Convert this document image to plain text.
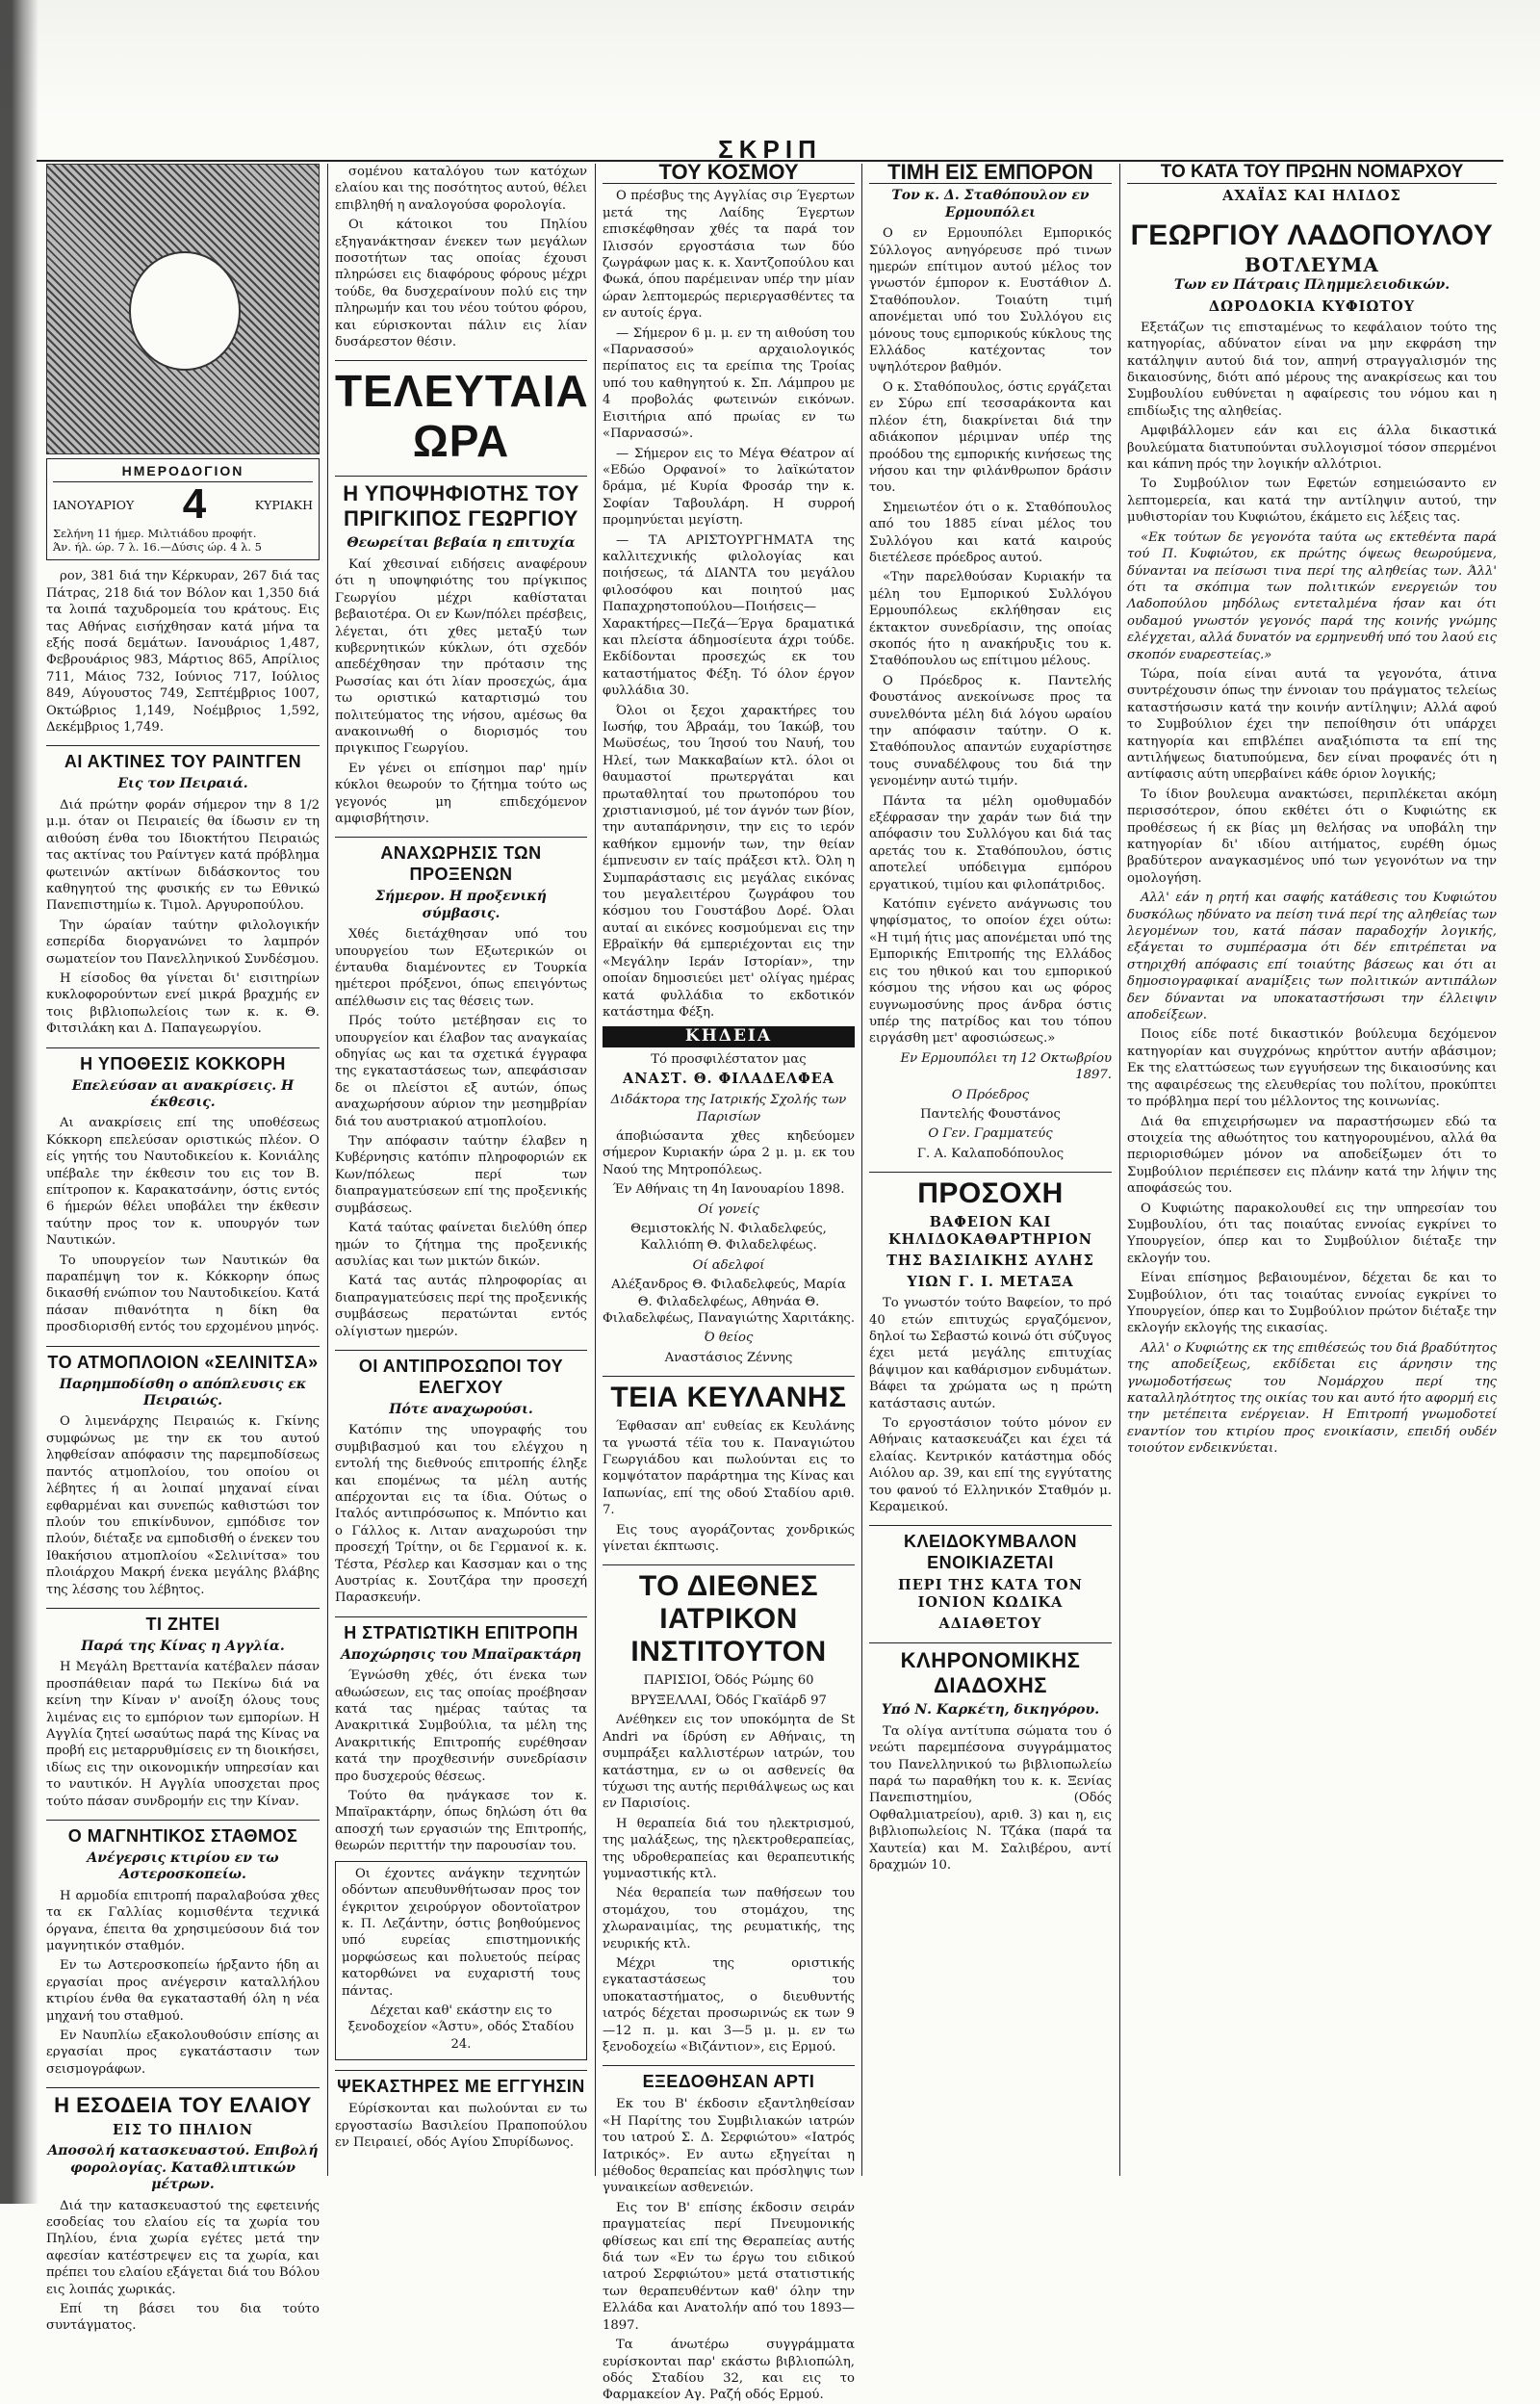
ΣΚΡΙΠ
ΗΜΕΡΟΔΟΓΙΟΝ
ΙΑΝΟΥΑΡΙΟΥ 4	ΚΥΡΙΑΚΗ
Σελήνη 11 ήμερ. Μιλτιάδου προφήτ.
Άν. ήλ. ώρ. 7 λ. 16.—Δύσις ώρ. 4 λ. 5

ρον, 381 διά την Κέρκυραν, 267 διά τας Πάτρας, 218 διά τον Βόλον και 1,350 διά τα λοιπά ταχυδρομεία του κράτους. Εις τας Αθήνας εισήχθησαν κατά μήνα τα εξής ποσά δεμάτων. Ιανουάριος 1,487, Φεβρουάριος 983, Μάρτιος 865, Απρίλιος 711, Μάιος 732, Ιούνιος 717, Ιούλιος 849, Αύγουστος 749, Σεπτέμβριος 1007, Οκτώβριος 1,149, Νοέμβριος 1,592, Δεκέμβριος 1,749.

ΑΙ ΑΚΤΙΝΕΣ ΤΟΥ ΡΑΙΝΤΓΕΝ
Εις τον Πειραιά.

Διά πρώτην φοράν σήμερον την 8 1/2 μ.μ. όταν οι Πειραιείς θα ίδωσιν εν τη αιθούση ένθα του Ιδιοκτήτου Πειραιώς τας ακτίνας του Ραίντγεν κατά πρόβλημα φωτεινών ακτίνων διδάσκοντος του καθηγητού της φυσικής εν τω Εθνικώ Πανεπιστημίω κ. Τιμολ. Αργυροπούλου.

Την ώραίαν ταύτην φιλολογικήν εσπερίδα διοργανώνει το λαμπρόν σωματείον του Πανελληνικού Συνδέσμου.

Η είσοδος θα γίνεται δι' εισιτηρίων κυκλοφορούντων ενεί μικρά βραχμής εν τοις βιβλιοπωλείοις των κ. κ. Θ. Φιτσιλάκη και Δ. Παπαγεωργίου.

Η ΥΠΟΘΕΣΙΣ ΚΟΚΚΟΡΗ
Επελεύσαν αι ανακρίσεις. Η έκθεσις.

Αι ανακρίσεις επί της υποθέσεως Κόκκορη επελεύσαν οριστικώς πλέον. Ο είς γητής του Ναυτοδικείου κ. Κονιάλης υπέβαλε την έκθεσιν του εις τον Β. επίτροπον κ. Καρακατσάνην, όστις εντός 6 ήμερών θέλει υποβάλει την έκθεσιν ταύτην προς τον κ. υπουργόν των Ναυτικών.

Το υπουργείον των Ναυτικών θα παραπέμψη τον κ. Κόκκορην όπως δικασθή ενώπιον του Ναυτοδικείου. Κατά πάσαν πιθανότητα η δίκη θα προσδιορισθή εντός του ερχομένου μηνός.

ΤΟ ΑΤΜΟΠΛΟΙΟΝ «ΣΕΛΙΝΙΤΣΑ»
Παρημποδίσθη ο απόπλευσις εκ Πειραιώς.

Ο λιμενάρχης Πειραιώς κ. Γκίνης συμφώνως με την εκ του αυτού ληφθείσαν απόφασιν της παρεμποδίσεως παντός ατμοπλοίου, του οποίου οι λέβητες ή αι λοιπαί μηχαναί είναι εφθαρμέναι και συνεπώς καθιστώσι τον πλούν του επικίνδυνον, εμπόδισε τον πλούν, διέταξε να εμποδισθή ο ένεκεν του Ιθακήσιου ατμοπλοίου «Σελινίτσα» του πλοιάρχου Μακρή ένεκα μεγάλης βλάβης της λέσσης του λέβητος.

ΤΙ ΖΗΤΕΙ
Παρά της Κίνας η Αγγλία.

Η Μεγάλη Βρεττανία κατέβαλεν πάσαν προσπάθειαν παρά τω Πεκίνω διά να κείνη την Κίναν ν' ανοίξη όλους τους λιμένας εις το εμπόριον των εμπορίων. Η Αγγλία ζητεί ωσαύτως παρά της Κίνας να προβή εις μεταρρυθμίσεις εν τη διοικήσει, ιδίως εις την οικονομικήν υπηρεσίαν και το ναυτικόν. Η Αγγλία υποσχεται προς τούτο πάσαν συνδρομήν εις την Κίναν.

Ο ΜΑΓΝΗΤΙΚΟΣ ΣΤΑΘΜΟΣ
Ανέγερσις κτιρίου εν τω Αστεροσκοπείω.

Η αρμοδία επιτροπή παραλαβούσα χθες τα εκ Γαλλίας κομισθέντα τεχνικά όργανα, έπειτα θα χρησιμεύσουν διά τον μαγνητικόν σταθμόν.

Εν τω Αστεροσκοπείω ήρξαντο ήδη αι εργασίαι προς ανέγερσιν καταλλήλου κτιρίου ένθα θα εγκατασταθή όλη η νέα μηχανή του σταθμού.

Εν Ναυπλίω εξακολουθούσιν επίσης αι εργασίαι προς εγκατάστασιν των σεισμογράφων.

Η ΕΣΟΔΕΙΑ ΤΟΥ ΕΛΑΙΟΥ
ΕΙΣ ΤΟ ΠΗΛΙΟΝ
Αποσολή κατασκευαστού. Επιβολή φορολογίας. Καταθλιπτικών μέτρων.

Διά την κατασκευαστού της εφετεινής εσοδείας του ελαίου είς τα χωρία του Πηλίου, ένια χωρία εγέτες μετά την αφεσίαν κατέστρεψεν εις τα χωρία, και πρέπει του ελαίου εξάγεται διά του Βόλου εις λοιπάς χωρικάς.

Επί τη βάσει του δια τούτο συντάγματος.

σομένου καταλόγου των κατόχων ελαίου και της ποσότητος αυτού, θέλει επιβληθή η αναλογούσα φορολογία.

Οι κάτοικοι του Πηλίου εξηγανάκτησαν ένεκεν των μεγάλων ποσοτήτων τας οποίας έχουσι πληρώσει εις διαφόρους φόρους μέχρι τούδε, θα δυσχεραίνουν πολύ εις την πληρωμήν και του νέου τούτου φόρου, και εύρισκονται πάλιν εις λίαν δυσάρεστον θέσιν.

ΤΕΛΕΥΤΑΙΑ ΩΡΑ
Η ΥΠΟΨΗΦΙΟΤΗΣ ΤΟΥ ΠΡΙΓΚΙΠΟΣ ΓΕΩΡΓΙΟΥ
Θεωρείται βεβαία η επιτυχία

Καί χθεσιναί ειδήσεις αναφέρουν ότι η υποψηφιότης του πρίγκιπος Γεωργίου μέχρι καθίσταται βεβαιοτέρα. Οι εν Κων/πόλει πρέσβεις, λέγεται, ότι χθες μεταξύ των κυβερνητικών κύκλων, ότι σχεδόν απεδέχθησαν την πρότασιν της Ρωσσίας και ότι λίαν προσεχώς, άμα τω οριστικώ καταρτισμώ του πολιτεύματος της νήσου, αμέσως θα ανακοινωθή ο διορισμός του πριγκιπος Γεωργίου.

Εν γένει οι επίσημοι παρ' ημίν κύκλοι θεωρούν το ζήτημα τούτο ως γεγονός μη επιδεχόμενον αμφισβήτησιν.

ΑΝΑΧΩΡΗΣΙΣ ΤΩΝ ΠΡΟΞΕΝΩΝ
Σήμερον. Η προξενική σύμβασις.

Χθές διετάχθησαν υπό του υπουργείου των Εξωτερικών οι ένταυθα διαμένοντες εν Τουρκία ημέτεροι πρόξενοι, όπως επειγόντως απέλθωσιν εις τας θέσεις των.

Πρός τούτο μετέβησαν εις το υπουργείον και έλαβον τας αναγκαίας οδηγίας ως και τα σχετικά έγγραφα της εγκαταστάσεως των, απεφάσισαν δε οι πλείστοι εξ αυτών, όπως αναχωρήσουν αύριον την μεσημβρίαν διά του αυστριακού ατμοπλοίου.

Την απόφασιν ταύτην έλαβεν η Κυβέρνησις κατόπιν πληροφοριών εκ Κων/πόλεως περί των διαπραγματεύσεων επί της προξενικής συμβάσεως.

Κατά ταύτας φαίνεται διελύθη όπερ ημών το ζήτημα της προξενικής ασυλίας και των μικτών δικών.

Κατά τας αυτάς πληροφορίας αι διαπραγματεύσεις περί της προξενικής συμβάσεως περατώνται εντός ολίγιστων ημερών.

ΟΙ ΑΝΤΙΠΡΟΣΩΠΟΙ ΤΟΥ ΕΛΕΓΧΟΥ
Πότε αναχωρούσι.

Κατόπιν της υπογραφής του συμβιβασμού και του ελέγχου η εντολή της διεθνούς επιτροπής έληξε και επομένως τα μέλη αυτής απέρχονται εις τα ίδια. Ούτως ο Ιταλός αντιπρόσωπος κ. Μπόντιο και ο Γάλλος κ. Λιταν αναχωρούσι την προσεχή Τρίτην, οι δε Γερμανοί κ. κ. Τέστα, Ρέσλερ και Κασσμαν και ο της Αυστρίας κ. Σουτζάρα την προσεχή Παρασκευήν.

Η ΣΤΡΑΤΙΩΤΙΚΗ ΕΠΙΤΡΟΠΗ
Αποχώρησις του Μπαϊρακτάρη

Έγνώσθη χθές, ότι ένεκα των αθωώσεων, εις τας οποίας προέβησαν κατά τας ημέρας ταύτας τα Ανακριτικά Συμβούλια, τα μέλη της Ανακριτικής Επιτροπής ευρέθησαν κατά την προχθεσινήν συνεδρίασιν προ δυσχερούς θέσεως.

Τούτο θα ηνάγκασε τον κ. Μπαϊρακτάρην, όπως δηλώση ότι θα αποσχή των εργασιών της Επιτροπής, θεωρών περιττήν την παρουσίαν του.

Οι έχοντες ανάγκην τεχνητών οδόντων απευθυνθήτωσαν προς τον έγκριτον χειρούργον οδοντοϊατρον κ. Π. Λεζάντην, όστις βοηθούμενος υπό ευρείας επιστημονικής μορφώσεως και πολυετούς πείρας κατορθώνει να ευχαριστή τους πάντας.

Δέχεται καθ' εκάστην εις το ξενοδοχείον «Άστυ», οδός Σταδίου 24.

ΨΕΚΑΣΤΗΡΕΣ ΜΕ ΕΓΓΥΗΣΙΝ

Εύρίσκονται και πωλούνται εν τω εργοστασίω Βασιλείου Πραποπούλου εν Πειραιεί, οδός Αγίου Σπυρίδωνος.

ΤΟΥ ΚΟΣΜΟΥ

Ο πρέσβυς της Αγγλίας σιρ Έγερτων μετά της Λαίδης Έγερτων επισκέφθησαν χθές τα παρά τον Ιλισσόν εργοστάσια των δύο ζωγράφων μας κ. κ. Χαντζοπούλου και Φωκά, όπου παρέμειναν υπέρ την μίαν ώραν λεπτομερώς περιεργασθέντες τα εν αυτοίς έργα.

— Σήμερον 6 μ. μ. εν τη αιθούση του «Παρνασσού» αρχαιολογικός περίπατος εις τα ερείπια της Τροίας υπό του καθηγητού κ. Σπ. Λάμπρου με 4 προβολάς φωτεινών εικόνων. Εισιτήρια από πρωίας εν τω «Παρνασσώ».

— Σήμερον εις το Μέγα Θέατρον αί «Εδώο Ορφανοί» το λαϊκώτατον δράμα, μέ Κυρία Φροσάρ την κ. Σοφίαν Ταβουλάρη. Η συρροή προμηνύεται μεγίστη.

— ΤΑ ΑΡΙΣΤΟΥΡΓΗΜΑΤΑ της καλλιτεχνικής φιλολογίας και ποιήσεως, τά ΔΙΑΝΤΑ του μεγάλου φιλοσόφου και ποιητού μας Παπαχρηστοπούλου—Ποιήσεις—Χαρακτήρες—Πεζά—Έργα δραματικά και πλείστα άδημοσίευτα άχρι τούδε. Εκδίδονται προσεχώς εκ του καταστήματος Φέξη. Τό όλον έργον φυλλάδια 30.

Όλοι οι ξεχοι χαρακτήρες του Ιωσήφ, του Άβραάμ, του Ίακώβ, του Μωϋσέως, του Ίησού του Ναυή, του Ηλεί, των Μακκαβαίων κτλ. όλοι οι θαυμαστοί πρωτεργάται και πρωταθληταί του πρωτοπόρου του χριστιανισμού, μέ τον άγνόν των βίον, την αυταπάρνησιν, την εις το ιερόν καθήκον εμμονήν των, την θείαν έμπνευσιν εν ταίς πράξεσι κτλ. Όλη η Συμπαράστασις εις μεγάλας εικόνας του μεγαλειτέρου ζωγράφου του κόσμου του Γουστάβου Δορέ. Όλαι αυταί αι εικόνες κοσμούμεναι εις την Εβραϊκήν θά εμπεριέχονται εις την «Μεγάλην Ιεράν Ιστορίαν», την οποίαν δημοσιεύει μετ' ολίγας ημέρας κατά φυλλάδια το εκδοτικόν κατάστημα Φέξη.

ΚΗΔΕΙΑ

Τό προσφιλέστατον μας

ΑΝΑΣΤ. Θ. ΦΙΛΑΔΕΛΦΕΑ

Διδάκτορα της Ιατρικής Σχολής των Παρισίων

άποβιώσαντα χθες κηδεύομεν σήμερον Κυριακήν ώρα 2 μ. μ. εκ του Ναού της Μητροπόλεως.

Έν Αθήναις τη 4η Ιανουαρίου 1898.

Οί γονείς

Θεμιστοκλής Ν. Φιλαδελφεύς, Καλλιόπη Θ. Φιλαδελφέως.

Οί αδελφοί

Αλέξανδρος Θ. Φιλαδελφεύς, Μαρία Θ. Φιλαδελφέως, Αθηνάα Θ. Φιλαδελφέως, Παναγιώτης Χαριτάκης.

Ό θείος

Αναστάσιος Ζέννης

ΤΕΙΑ ΚΕΥΛΑΝΗΣ

Έφθασαν απ' ευθείας εκ Κευλάνης τα γνωστά τέϊα του κ. Παναγιώτου Γεωργιάδου και πωλούνται εις το κομψότατον παράρτημα της Κίνας και Ιαπωνίας, επί της οδού Σταδίου αριθ. 7.

Εις τους αγοράζοντας χονδρικώς γίνεται έκπτωσις.

ΤΟ ΔΙΕΘΝΕΣ ΙΑΤΡΙΚΟΝ ΙΝΣΤΙΤΟΥΤΟΝ

ΠΑΡΙΣΙΟΙ, Όδός Ρώμης 60

ΒΡΥΞΕΛΛΑΙ, Όδός Γκαϊάρδ 97

Ανέθηκεν εις τον υποκόμητα de St Andri να ίδρύση εν Αθήναις, τη συμπράξει καλλιστέρων ιατρών, του κατάστημα, εν ω οι ασθενείς θα τύχωσι της αυτής περιθάλψεως ως και εν Παρισίοις.

Η θεραπεία διά του ηλεκτρισμού, της μαλάξεως, της ηλεκτροθεραπείας, της υδροθεραπείας και θεραπευτικής γυμναστικής κτλ.

Νέα θεραπεία των παθήσεων του στομάχου, του στομάχου, της χλωραναιμίας, της ρευματικής, της νευρικής κτλ.

Μέχρι της οριστικής εγκαταστάσεως του υποκαταστήματος, ο διευθυντής ιατρός δέχεται προσωρινώς εκ των 9—12 π. μ. και 3—5 μ. μ. εν τω ξενοδοχείω «Βιζάντιον», εις Ερμού.

ΕΞΕΔΟΘΗΣΑΝ ΑΡΤΙ

Εκ του Β' έκδοσιν εξαντληθείσαν «Η Παρίτης του Συμβιλιακών ιατρών του ιατρού Σ. Δ. Σερφιώτου» «Ιατρός Ιατρικός». Εν αυτω εξηγείται η μέθοδος θεραπείας και πρόσληψις των γυναικείων ασθενειών.

Εις τον Β' επίσης έκδοσιν σειράν πραγματείας περί Πνευμονικής φθίσεως και επί της Θεραπείας αυτής διά των «Εν τω έργω του ειδικού ιατρού Σερφιώτου» μετά στατιστικής των θεραπευθέντων καθ' όλην την Ελλάδα και Ανατολήν από του 1893—1897.

Τα άνωτέρω συγγράμματα ευρίσκονται παρ' εκάστω βιβλιοπώλη, οδός Σταδίου 32, και εις το Φαρμακείον Αγ. Ραζή οδός Ερμού.

ΤΙΜΗ ΕΙΣ ΕΜΠΟΡΟΝ
Τον κ. Δ. Σταθόπουλον εν Ερμουπόλει

Ο εν Ερμουπόλει Εμπορικός Σύλλογος ανηγόρευσε πρό τινων ημερών επίτιμον αυτού μέλος τον γνωστόν έμπορον κ. Ευστάθιον Δ. Σταθόπουλον. Τοιαύτη τιμή απονέμεται υπό του Συλλόγου εις μόνους τους εμπορικούς κύκλους της Ελλάδος κατέχοντας τον υψηλότερον βαθμόν.

Ο κ. Σταθόπουλος, όστις εργάζεται εν Σύρω επί τεσσαράκοντα και πλέον έτη, διακρίνεται διά την αδιάκοπον μέριμναν υπέρ της προόδου της εμπορικής κινήσεως της νήσου και την φιλάνθρωπον δράσιν του.

Σημειωτέον ότι ο κ. Σταθόπουλος από του 1885 είναι μέλος του Συλλόγου και κατά καιρούς διετέλεσε πρόεδρος αυτού.

«Την παρελθούσαν Κυριακήν τα μέλη του Εμπορικού Συλλόγου Ερμουπόλεως εκλήθησαν εις έκτακτον συνεδρίασιν, της οποίας σκοπός ήτο η ανακήρυξις του κ. Σταθόπουλου ως επίτιμου μέλους.

Ο Πρόεδρος κ. Παντελής Φουστάνος ανεκοίνωσε προς τα συνελθόντα μέλη διά λόγου ωραίου την απόφασιν ταύτην. Ο κ. Σταθόπουλος απαντών ευχαρίστησε τους συναδέλφους του διά την γενομένην αυτώ τιμήν.

Πάντα τα μέλη ομοθυμαδόν εξέφρασαν την χαράν των διά την απόφασιν του Συλλόγου και διά τας αρετάς του κ. Σταθόπουλου, όστις αποτελεί υπόδειγμα εμπόρου εργατικού, τιμίου και φιλοπάτριδος.

Κατόπιν εγένετο ανάγνωσις του ψηφίσματος, το οποίον έχει ούτω: «Η τιμή ήτις μας απονέμεται υπό της Εμπορικής Επιτροπής της Ελλάδος εις του ηθικού και του εμπορικού κόσμου της νήσου και ως φόρος ευγνωμοσύνης προς άνδρα όστις υπέρ της πατρίδος και του τόπου ειργάσθη μετ' αφοσιώσεως.»

Εν Ερμουπόλει τη 12 Οκτωβρίου 1897.

Ο Πρόεδρος

Παντελής Φουστάνος

Ο Γεν. Γραμματεύς

Γ. Α. Καλαποδόπουλος

ΠΡΟΣΟΧΗ
ΒΑΦΕΙΟΝ ΚΑΙ ΚΗΛΙΔΟΚΑΘΑΡΤΗΡΙΟΝ
ΤΗΣ ΒΑΣΙΛΙΚΗΣ ΑΥΛΗΣ
ΥΙΩΝ Γ. Ι. ΜΕΤΑΞΑ

Το γνωστόν τούτο Βαφείον, το πρό 40 ετών επιτυχώς εργαζόμενον, δηλοί τω Σεβαστώ κοινώ ότι σύζυγος έχει μετά μεγάλης επιτυχίας βάψιμον και καθάρισμον ενδυμάτων. Βάφει τα χρώματα ως η πρώτη κατάστασις αυτών.

Το εργοστάσιον τούτο μόνον εν Αθήναις κατασκευάζει και έχει τά ελαίας. Κεντρικόν κατάστημα οδός Αιόλου αρ. 39, και επί της εγγύτατης του φανού τό Ελληνικόν Σταθμόν μ. Κεραμεικού.

ΚΛΕΙΔΟΚΥΜΒΑΛΟΝ ΕΝΟΙΚΙΑΖΕΤΑΙ
ΠΕΡΙ ΤΗΣ ΚΑΤΑ ΤΟΝ ΙΟΝΙΟΝ ΚΩΔΙΚΑ
ΑΔΙΑΘΕΤΟΥ
ΚΛΗΡΟΝΟΜΙΚΗΣ ΔΙΑΔΟΧΗΣ
Υπό Ν. Καρκέτη, δικηγόρου.

Τα ολίγα αντίτυπα σώματα του ό νεώτι παρεμπέσονα συγγράμματος του Πανελληνικού τω βιβλιοπωλείω παρά τω παραθήκη του κ. κ. Ξενίας Πανεπιστημίου, (Οδός Οφθαλμιατρείου), αριθ. 3) και η, εις βιβλιοπωλείοις Ν. Τζάκα (παρά τα Χαυτεία) και Μ. Σαλιβέρου, αντί δραχμών 10.

ΤΟ ΚΑΤΑ ΤΟΥ ΠΡΩΗΝ ΝΟΜΑΡΧΟΥ
ΑΧΑΪΑΣ ΚΑΙ ΗΛΙΔΟΣ
ΓΕΩΡΓΙΟΥ ΛΑΔΟΠΟΥΛΟΥ
ΒΟΤΛΕΥΜΑ
Των εν Πάτραις Πλημμελειοδικών.
ΔΩΡΟΔΟΚΙΑ ΚΥΦΙΩΤΟΥ

Εξετάζων τις επισταμένως το κεφάλαιον τούτο της κατηγορίας, αδύνατον είναι να μην εκφράση την κατάληψιν αυτού διά τον, απηνή στραγγαλισμόν της δικαιοσύνης, διότι από μέρους της ανακρίσεως και του Συμβουλίου ευθύνεται η αφαίρεσις του νόμου και η επιδίωξις της αληθείας.

Αμφιβάλλομεν εάν και εις άλλα δικαστικά βουλεύματα διατυπούνται συλλογισμοί τόσον σπερμένοι και κάπνη πρός την λογικήν αλλότριοι.

Το Συμβούλιον των Εφετών εσημειώσαντο εν λεπτομερεία, και κατά την αντίληψιν αυτού, την μυθιστορίαν του Κυφιώτου, έκάμετο εις λέξεις τας.

«Εκ τούτων δε γεγονότα ταύτα ως εκτεθέντα παρά τού Π. Κυφιώτου, εκ πρώτης όψεως θεωρούμενα, δύνανται να πείσωσι τινα περί της αληθείας των. Άλλ' ότι τα σκόπιμα των πολιτικών ενεργειών του Λαδοπούλου μηδόλως εντεταλμένα ήσαν και ότι ουδαμού γνωστόν γεγονός παρά της κοινής γνώμης ελέγχεται, αλλά δυνατόν να ερμηνευθή υπό του λαού εις σκοπόν ευαρεστείας.»

Τώρα, ποία είναι αυτά τα γεγονότα, άτινα συντρέχουσιν όπως την έννοιαν του πράγματος τελείως καταστήσωσιν κατά την κοινήν αντίληψιν; Αλλά αφού το Συμβούλιον έχει την πεποίθησιν ότι υπάρχει κατηγορία και επιβλέπει αναξιόπιστα τα επί της αντιλήψεως διατυπούμενα, δεν είναι προφανές ότι η αντίφασις αύτη υπερβαίνει κάθε όριον λογικής;

Το ίδιον βουλευμα ανακτώσει, περιπλέκεται ακόμη περισσότερον, όπου εκθέτει ότι ο Κυφιώτης εκ προθέσεως ή εκ βίας μη θελήσας να υποβάλη την κατηγορίαν δι' ιδίου αιτήματος, ευρέθη όμως βραδύτερον αναγκασμένος υπό των γεγονότων να την ομολογήση.

Αλλ' εάν η ρητή και σαφής κατάθεσις του Κυφιώτου δυσκόλως ηδύνατο να πείση τινά περί της αληθείας των λεγομένων του, κατά πάσαν παραδοχήν λογικής, εξάγεται το συμπέρασμα ότι δέν επιτρέπεται να στηριχθή απόφασις επί τοιαύτης βάσεως και ότι αι δημοσιογραφικαί αναμίξεις των πολιτικών αντιπάλων δεν δύνανται να υποκαταστήσωσι την έλλειψιν αποδείξεων.

Ποιος είδε ποτέ δικαστικόν βούλευμα δεχόμενον κατηγορίαν και συγχρόνως κηρύττον αυτήν αβάσιμον; Εκ της ελαττώσεως των εγγυήσεων της δικαιοσύνης και της αφαιρέσεως της ελευθερίας του πολίτου, προκύπτει το πρόβλημα περί του μέλλοντος της κοινωνίας.

Διά θα επιχειρήσωμεν να παραστήσωμεν εδώ τα στοιχεία της αθωότητος του κατηγορουμένου, αλλά θα περιορισθώμεν μόνον να αποδείξωμεν ότι το Συμβούλιον περιέπεσεν εις πλάνην κατά την λήψιν της αποφάσεώς του.

Ο Κυφιώτης παρακολουθεί εις την υπηρεσίαν του Συμβουλίου, ότι τας ποιαύτας εννοίας εγκρίνει το Υπουργείον, όπερ και το Συμβούλιον διέταξε την εκλογήν του.

Είναι επίσημος βεβαιουμένον, δέχεται δε και το Συμβούλιον, ότι τας τοιαύτας εννοίας εγκρίνει το Υπουργείον, όπερ και το Συμβούλιον πρώτον διέταξε την εκλογήν εκλογής της εικασίας.

Αλλ' ο Κυφιώτης εκ της επιθέσεώς του διά βραδύτητος της αποδείξεως, εκδίδεται εις άρνησιν της γνωμοδοτήσεως του Νομάρχου περί της καταλληλότητος της οικίας του και αυτό ήτο αφορμή εις την μετέπειτα ενέργειαν. Η Επιτροπή γνωμοδοτεί εναντίον του κτιρίου προς ενοικίασιν, επειδή ουδέν τοιούτον ενδεικνύεται.
